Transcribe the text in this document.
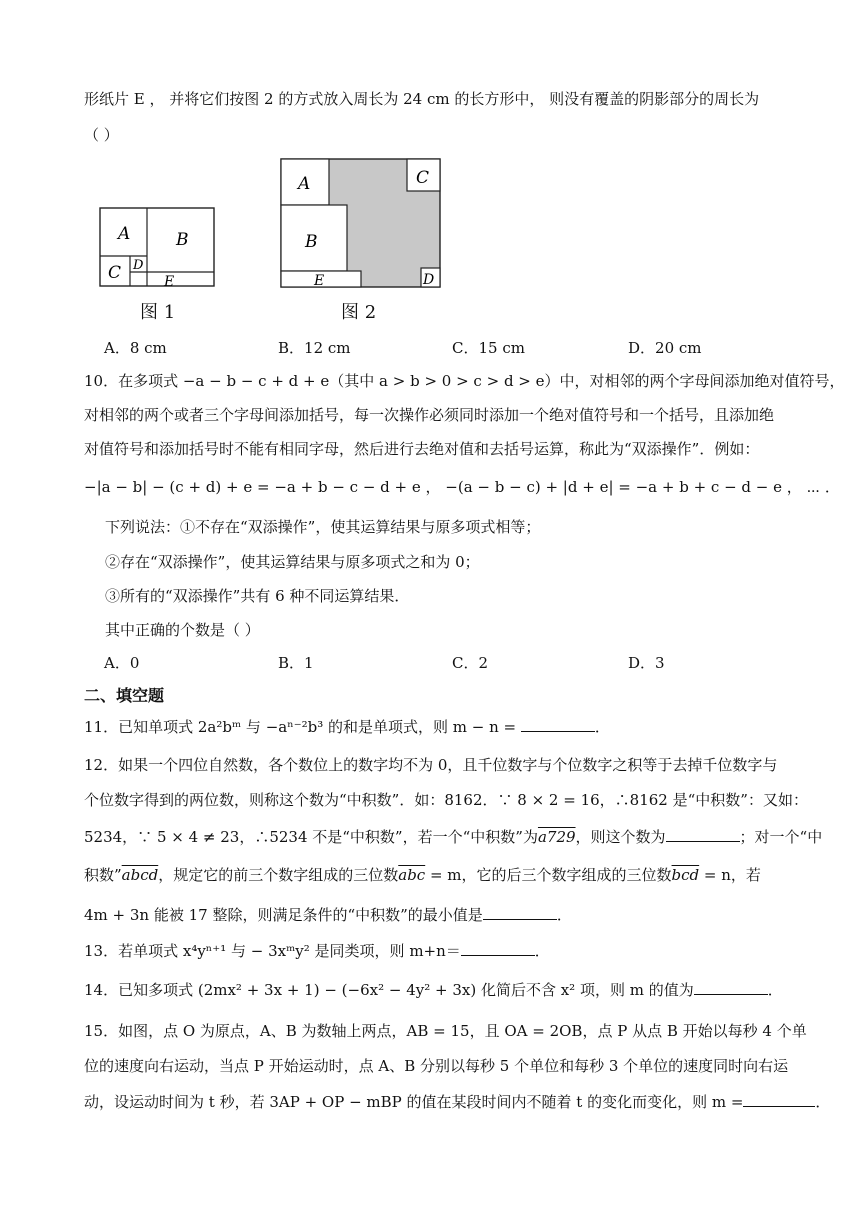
形纸片 E ， 并将它们按图 2 的方式放入周长为 24 cm 的长方形中， 则没有覆盖的阴影部分的周长为
（ ）
A	B
C D
E
图 1
A
B
C
D
E
图 2
A．8 cm	B．12 cm	C．15 cm	D．20 cm
10．在多项式 −a − b − c + d + e（其中 a > b > 0 > c > d > e）中，对相邻的两个字母间添加绝对值符号，
对相邻的两个或者三个字母间添加括号，每一次操作必须同时添加一个绝对值符号和一个括号，且添加绝
对值符号和添加括号时不能有相同字母，然后进行去绝对值和去括号运算，称此为“双添操作”．例如：
−|a − b| − (c + d) + e = −a + b − c − d + e ， −(a − b − c) + |d + e| = −a + b + c − d − e ， ⋯ ．
下列说法：①不存在“双添操作”，使其运算结果与原多项式相等；
②存在“双添操作”，使其运算结果与原多项式之和为 0；
③所有的“双添操作”共有 6 种不同运算结果．
其中正确的个数是（ ）
A．0	B．1	C．2	D．3
二、填空题
11．已知单项式 2a²bᵐ 与 −aⁿ⁻²b³ 的和是单项式，则 m − n =	．
12．如果一个四位自然数，各个数位上的数字均不为 0，且千位数字与个位数字之积等于去掉千位数字与
个位数字得到的两位数，则称这个数为“中积数”．如：8162．∵ 8 × 2 = 16，∴8162 是“中积数”：又如：
5234，∵ 5 × 4 ≠ 23，∴5234 不是“中积数”，若一个“中积数”为a729，则这个数为	；对一个“中
积数”abcd，规定它的前三个数字组成的三位数$\overline{abc} = m$，它的后三个数字组成的三位数$\overline{bcd} = n$，若
4m + 3n 能被 17 整除，则满足条件的“中积数”的最小值是	．
13．若单项式 x⁴yⁿ⁺¹ 与 − 3xᵐy² 是同类项，则 m+n＝	．
14．已知多项式 (2mx² + 3x + 1) − (−6x² − 4y² + 3x) 化简后不含 x² 项，则 m 的值为	．
15．如图，点 O 为原点，A、B 为数轴上两点，AB = 15，且 OA = 2OB，点 P 从点 B 开始以每秒 4 个单
位的速度向右运动，当点 P 开始运动时，点 A、B 分别以每秒 5 个单位和每秒 3 个单位的速度同时向右运
动，设运动时间为 t 秒，若 3AP + OP − mBP 的值在某段时间内不随着 t 的变化而变化，则 m =	．
